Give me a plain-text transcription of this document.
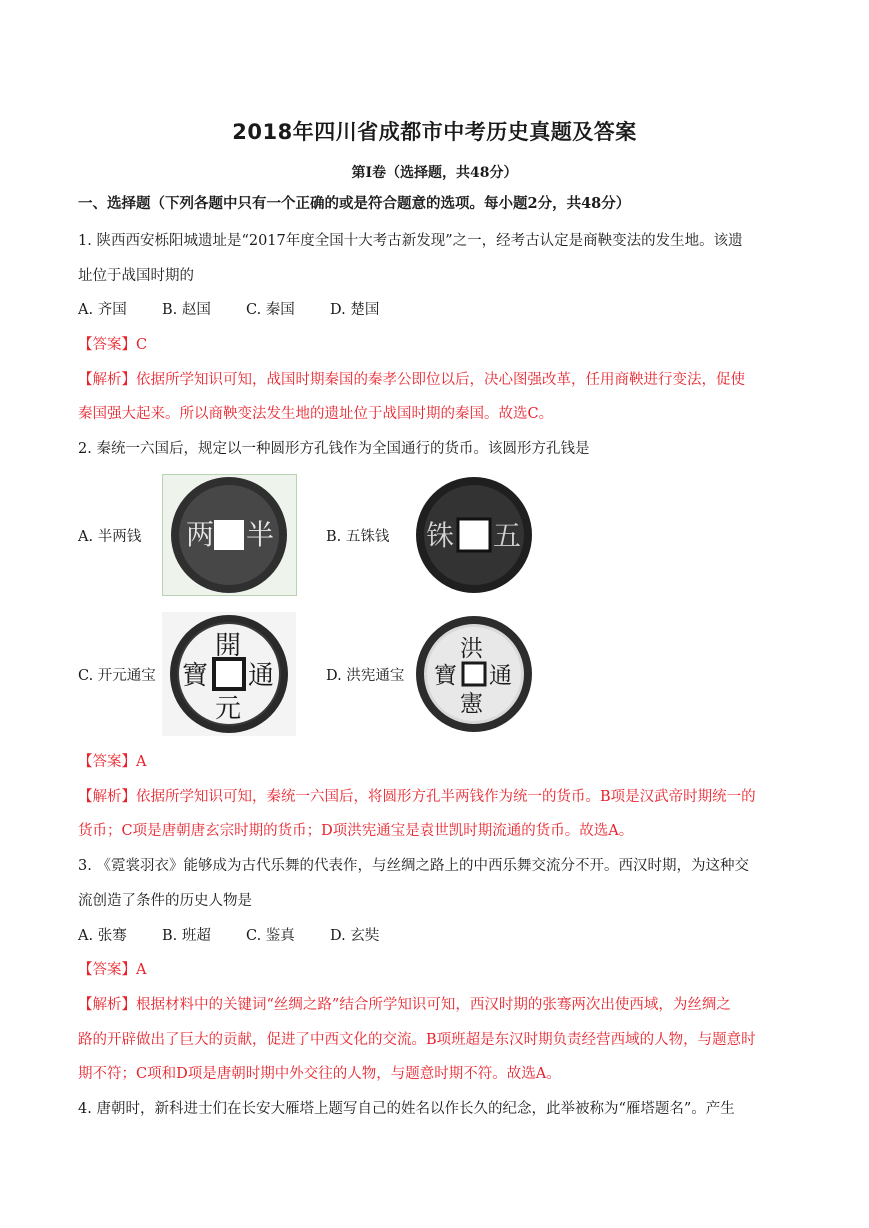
2018年四川省成都市中考历史真题及答案
第Ⅰ卷（选择题，共48分）
一、选择题（下列各题中只有一个正确的或是符合题意的选项。每小题2分，共48分）
1. 陕西西安栎阳城遗址是“2017年度全国十大考古新发现”之一，经考古认定是商鞅变法的发生地。该遗
址位于战国时期的
A. 齐国 B. 赵国 C. 秦国 D. 楚国
【答案】C
【解析】依据所学知识可知，战国时期秦国的秦孝公即位以后，决心图强改革，任用商鞅进行变法，促使
秦国强大起来。所以商鞅变法发生地的遗址位于战国时期的秦国。故选C。
2. 秦统一六国后，规定以一种圆形方孔钱作为全国通行的货币。该圆形方孔钱是
A. 半两钱 两 半	B. 五铢钱 铢 五
C. 开元通宝
開
元
通
寶	D. 洪宪通宝
洪
憲
通
寶
【答案】A
【解析】依据所学知识可知，秦统一六国后，将圆形方孔半两钱作为统一的货币。B项是汉武帝时期统一的
货币；C项是唐朝唐玄宗时期的货币；D项洪宪通宝是袁世凯时期流通的货币。故选A。
3. 《霓裳羽衣》能够成为古代乐舞的代表作，与丝绸之路上的中西乐舞交流分不开。西汉时期，为这种交
流创造了条件的历史人物是
A. 张骞 B. 班超 C. 鉴真 D. 玄奘
【答案】A
【解析】根据材料中的关键词“丝绸之路”结合所学知识可知，西汉时期的张骞两次出使西域，为丝绸之
路的开辟做出了巨大的贡献，促进了中西文化的交流。B项班超是东汉时期负责经营西域的人物，与题意时
期不符；C项和D项是唐朝时期中外交往的人物，与题意时期不符。故选A。
4. 唐朝时，新科进士们在长安大雁塔上题写自己的姓名以作长久的纪念，此举被称为“雁塔题名”。产生
